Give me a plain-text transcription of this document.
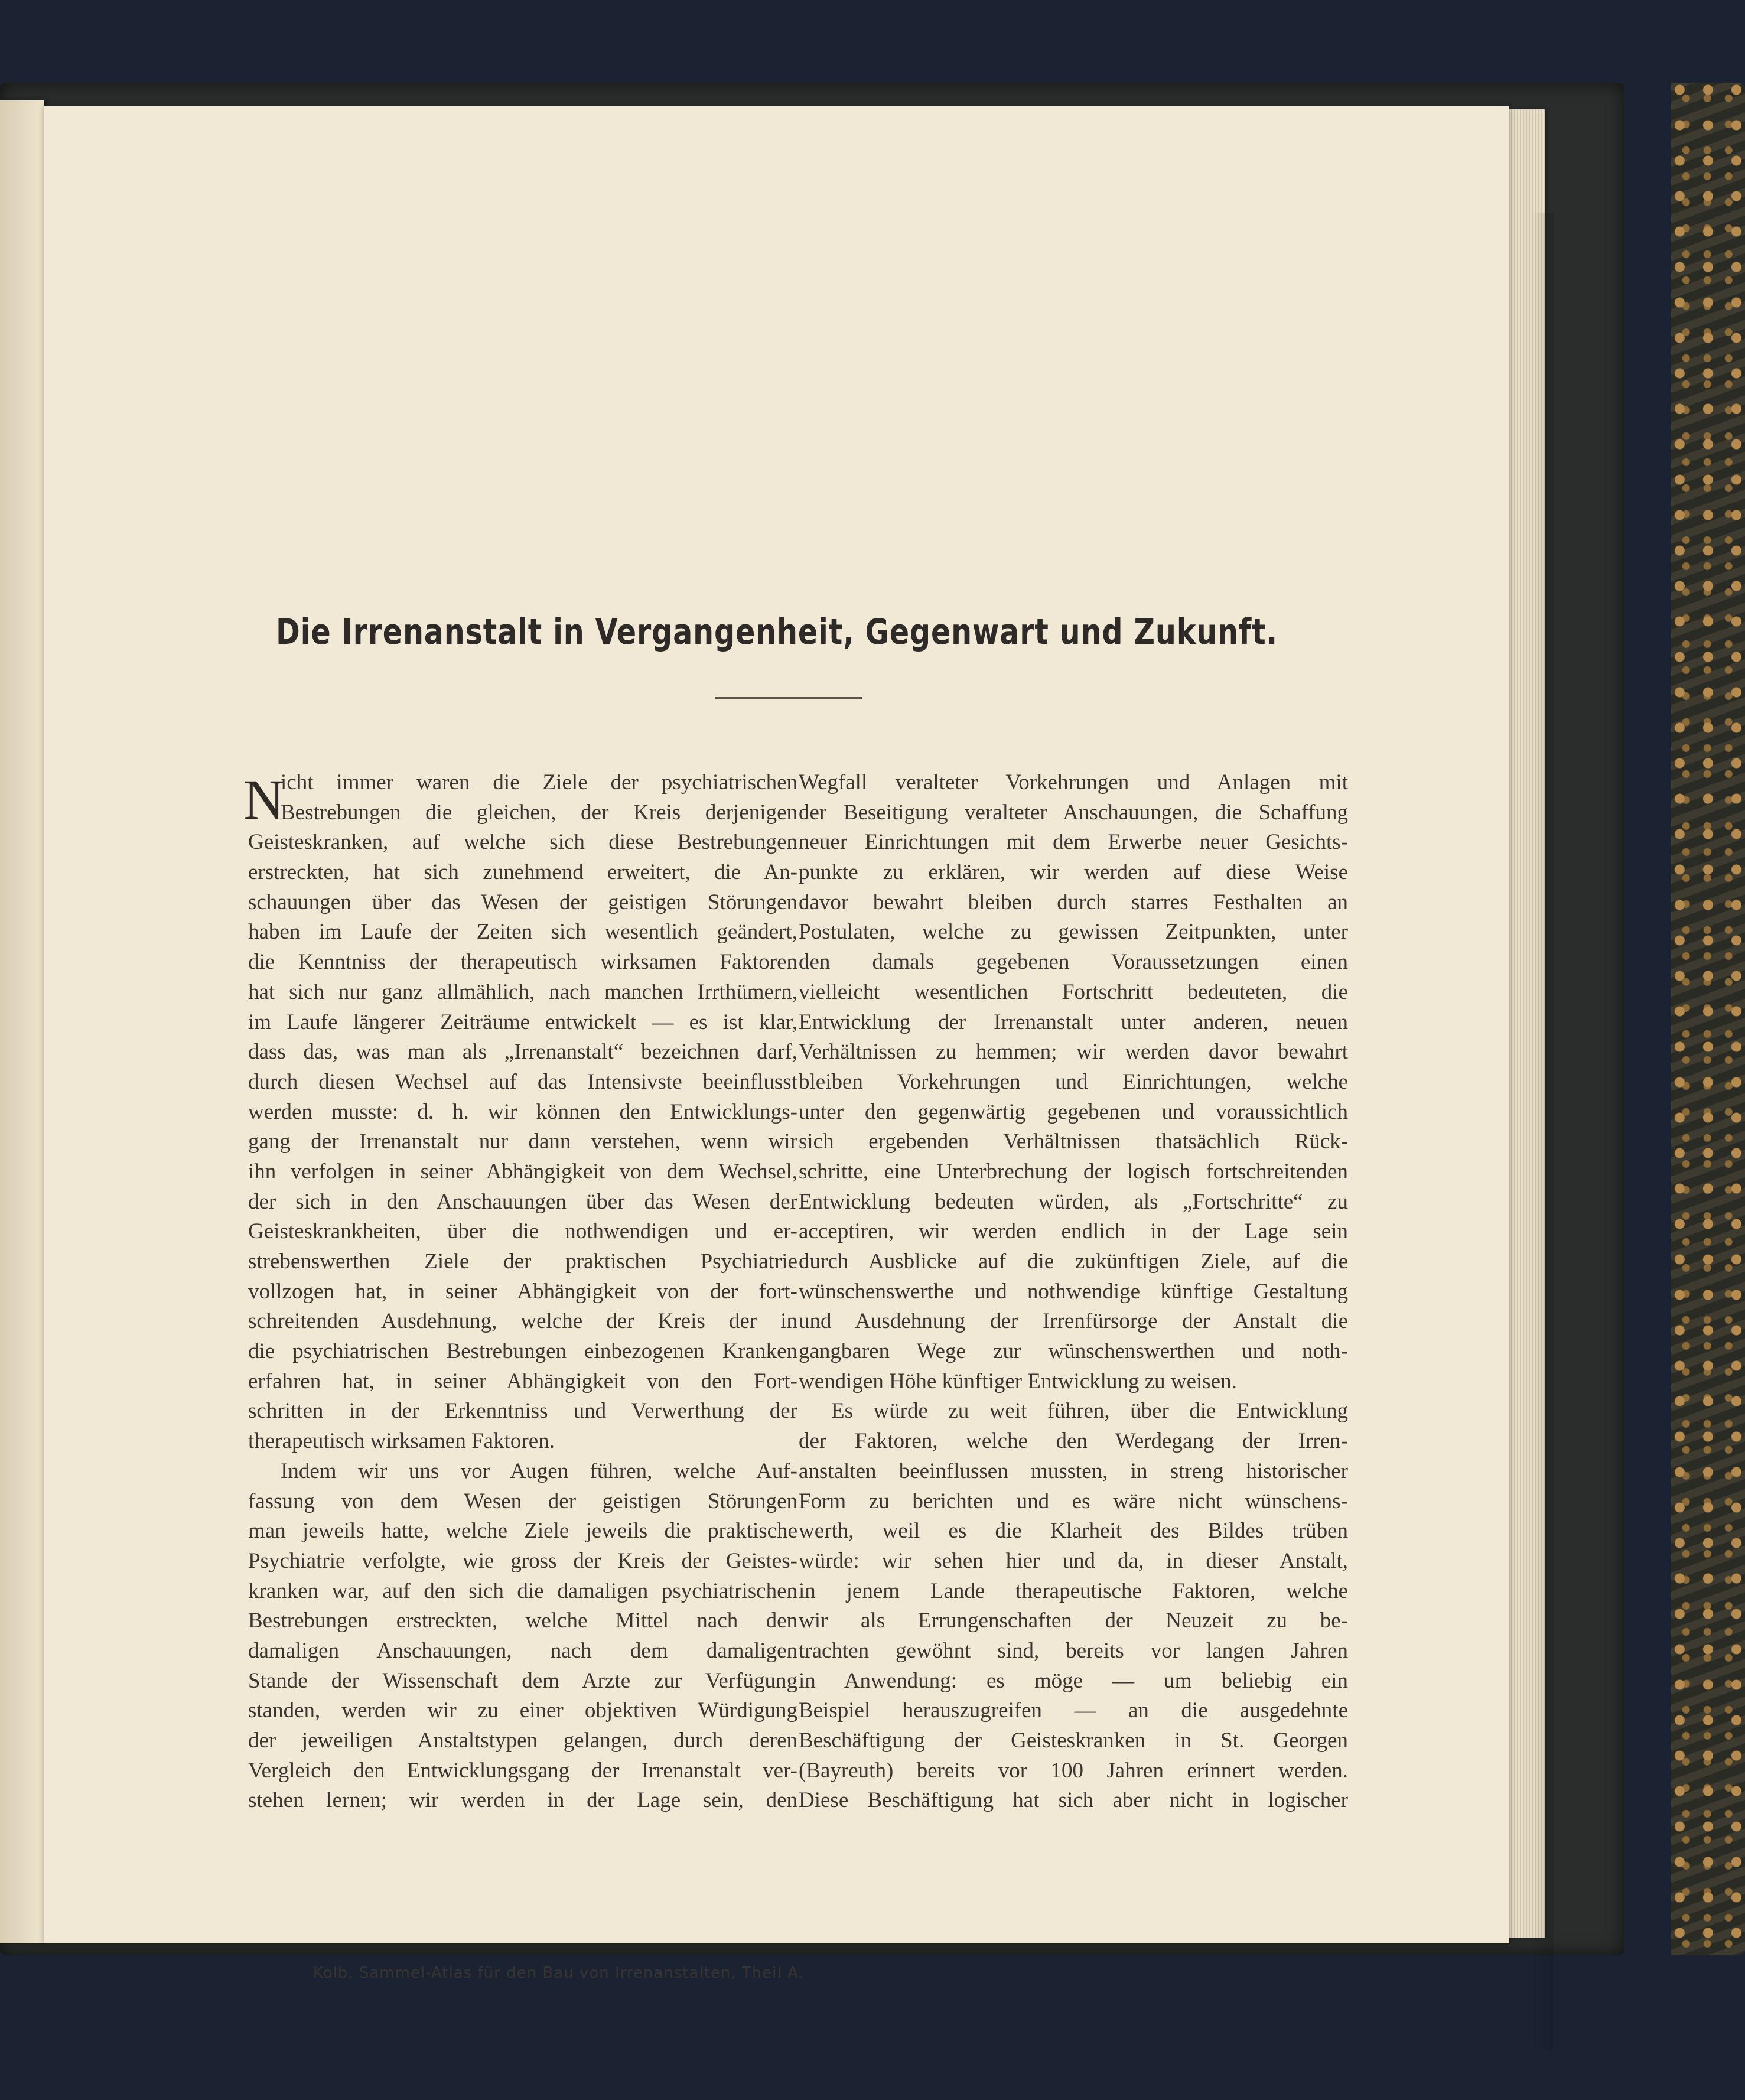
Die Irrenanstalt in Vergangenheit, Gegenwart und Zukunft.
N
icht immer waren die Ziele der psychiatrischen
Bestrebungen die gleichen, der Kreis derjenigen
Geisteskranken, auf welche sich diese Bestrebungen
erstreckten, hat sich zunehmend erweitert, die An-
schauungen über das Wesen der geistigen Störungen
haben im Laufe der Zeiten sich wesentlich geändert,
die Kenntniss der therapeutisch wirksamen Faktoren
hat sich nur ganz allmählich, nach manchen Irrthümern,
im Laufe längerer Zeiträume entwickelt — es ist klar,
dass das, was man als „Irrenanstalt“ bezeichnen darf,
durch diesen Wechsel auf das Intensivste beeinflusst
werden musste: d. h. wir können den Entwicklungs-
gang der Irrenanstalt nur dann verstehen, wenn wir
ihn verfolgen in seiner Abhängigkeit von dem Wechsel,
der sich in den Anschauungen über das Wesen der
Geisteskrankheiten, über die nothwendigen und er-
strebenswerthen Ziele der praktischen Psychiatrie
vollzogen hat, in seiner Abhängigkeit von der fort-
schreitenden Ausdehnung, welche der Kreis der in
die psychiatrischen Bestrebungen einbezogenen Kranken
erfahren hat, in seiner Abhängigkeit von den Fort-
schritten in der Erkenntniss und Verwerthung der
therapeutisch wirksamen Faktoren.
Indem wir uns vor Augen führen, welche Auf-
fassung von dem Wesen der geistigen Störungen
man jeweils hatte, welche Ziele jeweils die praktische
Psychiatrie verfolgte, wie gross der Kreis der Geistes-
kranken war, auf den sich die damaligen psychiatrischen
Bestrebungen erstreckten, welche Mittel nach den
damaligen Anschauungen, nach dem damaligen
Stande der Wissenschaft dem Arzte zur Verfügung
standen, werden wir zu einer objektiven Würdigung
der jeweiligen Anstaltstypen gelangen, durch deren
Vergleich den Entwicklungsgang der Irrenanstalt ver-
stehen lernen; wir werden in der Lage sein, den
Wegfall veralteter Vorkehrungen und Anlagen mit
der Beseitigung veralteter Anschauungen, die Schaffung
neuer Einrichtungen mit dem Erwerbe neuer Gesichts-
punkte zu erklären, wir werden auf diese Weise
davor bewahrt bleiben durch starres Festhalten an
Postulaten, welche zu gewissen Zeitpunkten, unter
den damals gegebenen Voraussetzungen einen
vielleicht wesentlichen Fortschritt bedeuteten, die
Entwicklung der Irrenanstalt unter anderen, neuen
Verhältnissen zu hemmen; wir werden davor bewahrt
bleiben Vorkehrungen und Einrichtungen, welche
unter den gegenwärtig gegebenen und voraussichtlich
sich ergebenden Verhältnissen thatsächlich Rück-
schritte, eine Unterbrechung der logisch fortschreitenden
Entwicklung bedeuten würden, als „Fortschritte“ zu
acceptiren, wir werden endlich in der Lage sein
durch Ausblicke auf die zukünftigen Ziele, auf die
wünschenswerthe und nothwendige künftige Gestaltung
und Ausdehnung der Irrenfürsorge der Anstalt die
gangbaren Wege zur wünschenswerthen und noth-
wendigen Höhe künftiger Entwicklung zu weisen.
Es würde zu weit führen, über die Entwicklung
der Faktoren, welche den Werdegang der Irren-
anstalten beeinflussen mussten, in streng historischer
Form zu berichten und es wäre nicht wünschens-
werth, weil es die Klarheit des Bildes trüben
würde: wir sehen hier und da, in dieser Anstalt,
in jenem Lande therapeutische Faktoren, welche
wir als Errungenschaften der Neuzeit zu be-
trachten gewöhnt sind, bereits vor langen Jahren
in Anwendung: es möge — um beliebig ein
Beispiel herauszugreifen — an die ausgedehnte
Beschäftigung der Geisteskranken in St. Georgen
(Bayreuth) bereits vor 100 Jahren erinnert werden.
Diese Beschäftigung hat sich aber nicht in logischer
Kolb, Sammel-Atlas für den Bau von Irrenanstalten, Theil A.
